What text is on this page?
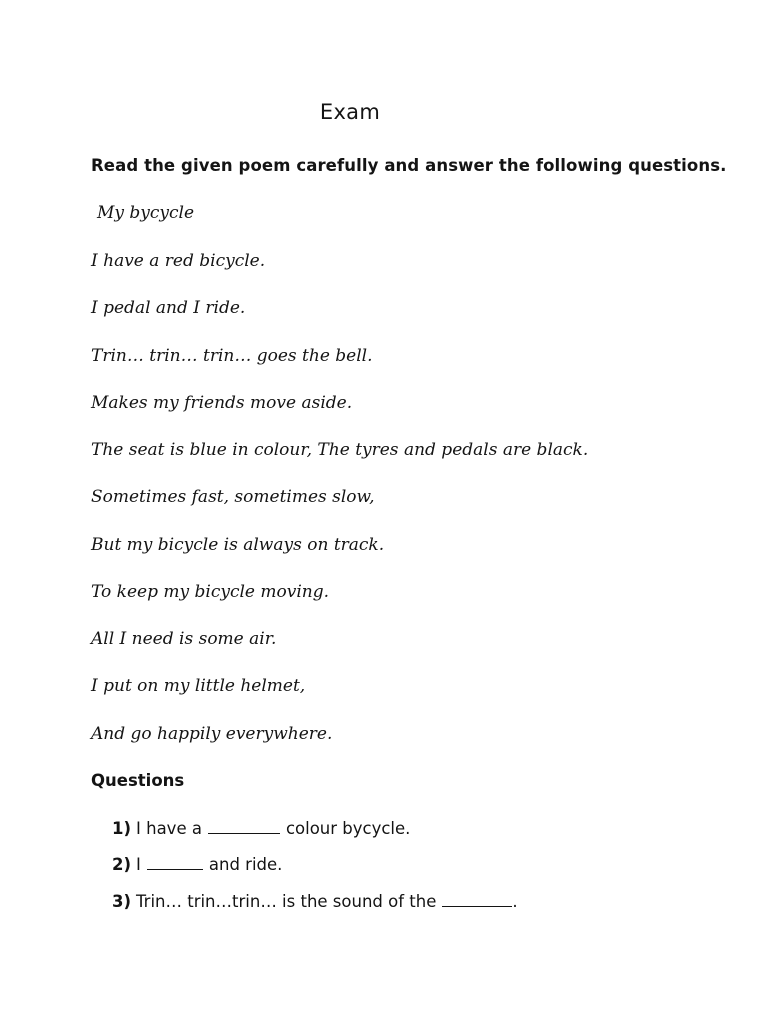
Exam
Read the given poem carefully and answer the following questions.
My bycycle
I have a red bicycle.
I pedal and I ride.
Trin… trin… trin… goes the bell.
Makes my friends move aside.
The seat is blue in colour, The tyres and pedals are black.
Sometimes fast, sometimes slow,
But my bicycle is always on track.
To keep my bicycle moving.
All I need is some air.
I put on my little helmet,
And go happily everywhere.
Questions
1) I have a	colour bycycle.
2) I	and ride.
3) Trin… trin…trin… is the sound of the	.
